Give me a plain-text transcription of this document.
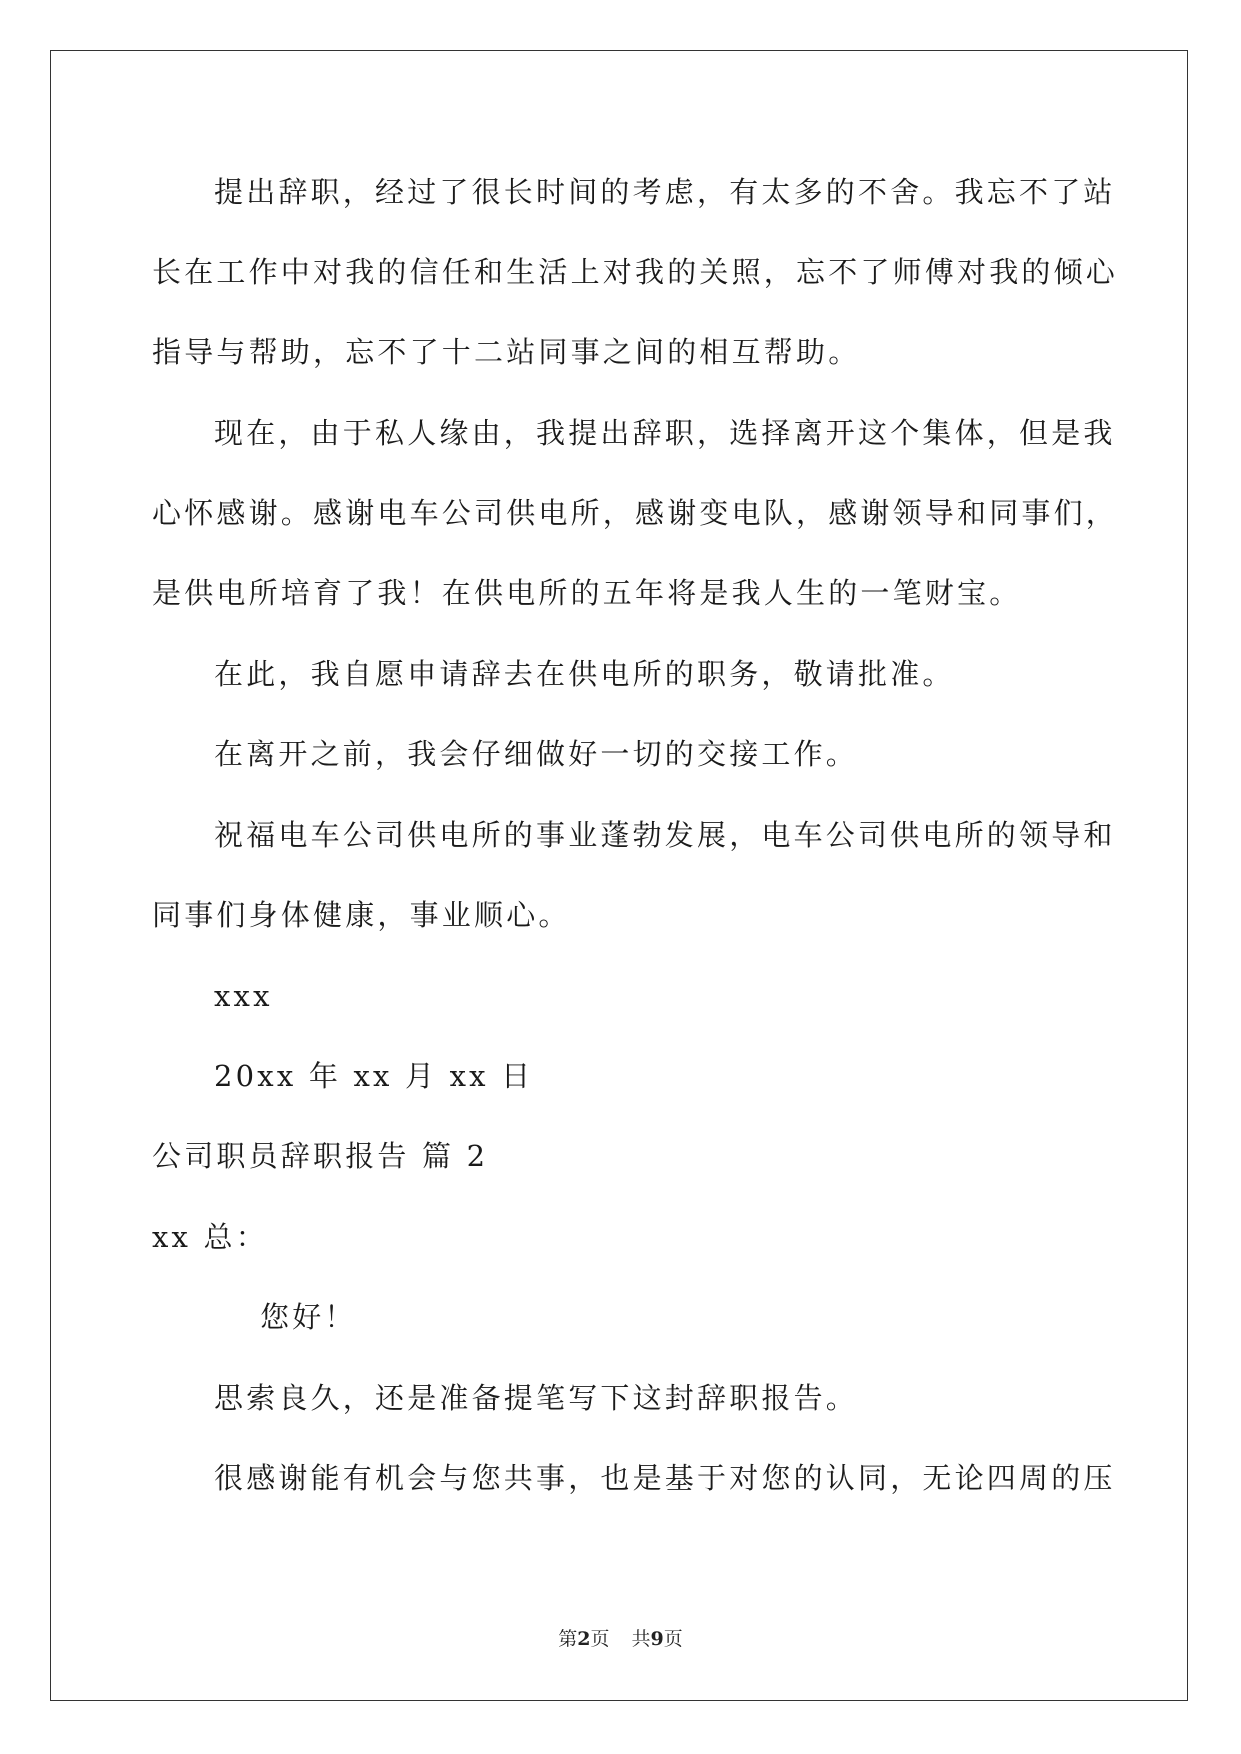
提出辞职，经过了很长时间的考虑，有太多的不舍。我忘不了站
长在工作中对我的信任和生活上对我的关照，忘不了师傅对我的倾心
指导与帮助，忘不了十二站同事之间的相互帮助。
现在，由于私人缘由，我提出辞职，选择离开这个集体，但是我
心怀感谢。感谢电车公司供电所，感谢变电队，感谢领导和同事们，
是供电所培育了我！在供电所的五年将是我人生的一笔财宝。
在此，我自愿申请辞去在供电所的职务，敬请批准。
在离开之前，我会仔细做好一切的交接工作。
祝福电车公司供电所的事业蓬勃发展，电车公司供电所的领导和
同事们身体健康，事业顺心。
xxx
20xx 年 xx 月 xx 日
公司职员辞职报告 篇 2
xx 总：
您好！
思索良久，还是准备提笔写下这封辞职报告。
很感谢能有机会与您共事，也是基于对您的认同，无论四周的压
第2页 共9页
